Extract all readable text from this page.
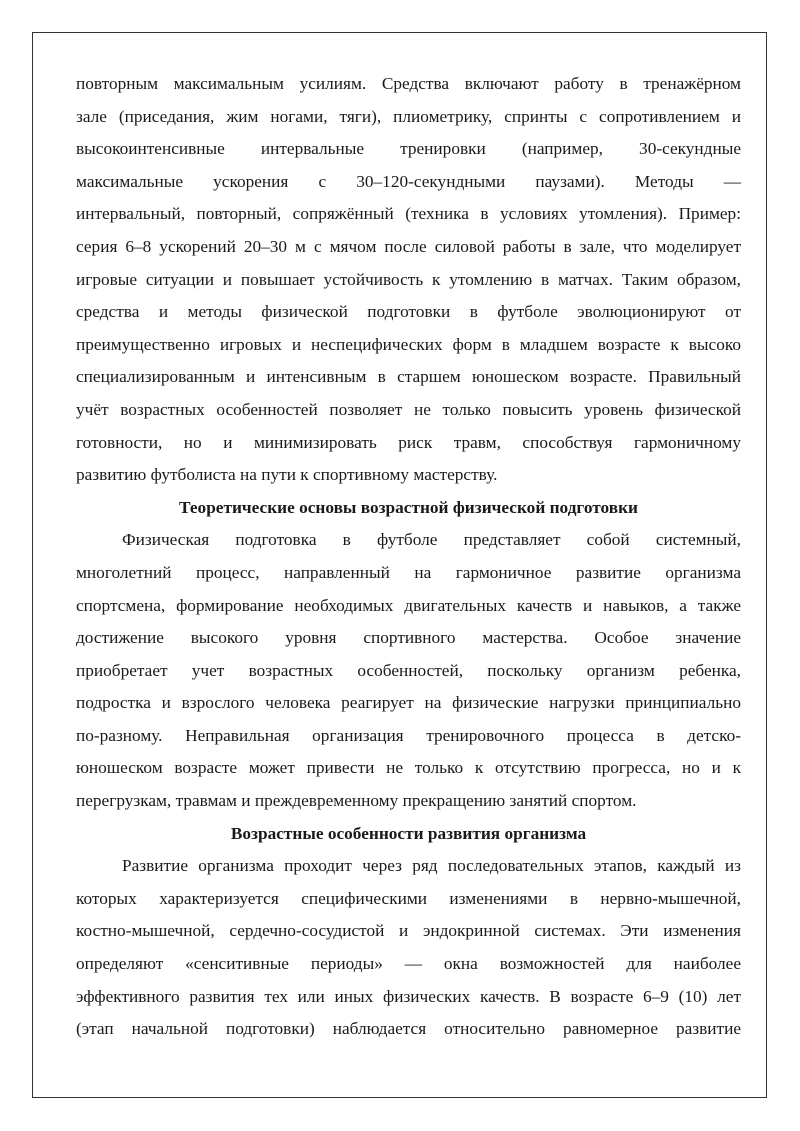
повторным максимальным усилиям. Средства включают работу в тренажёрном
зале (приседания, жим ногами, тяги), плиометрику, спринты с сопротивлением и
высокоинтенсивные интервальные тренировки (например, 30-секундные
максимальные ускорения с 30–120-секундными паузами). Методы —
интервальный, повторный, сопряжённый (техника в условиях утомления). Пример:
серия 6–8 ускорений 20–30 м с мячом после силовой работы в зале, что моделирует
игровые ситуации и повышает устойчивость к утомлению в матчах. Таким образом,
средства и методы физической подготовки в футболе эволюционируют от
преимущественно игровых и неспецифических форм в младшем возрасте к высоко
специализированным и интенсивным в старшем юношеском возрасте. Правильный
учёт возрастных особенностей позволяет не только повысить уровень физической
готовности, но и минимизировать риск травм, способствуя гармоничному
развитию футболиста на пути к спортивному мастерству.
Теоретические основы возрастной физической подготовки
Физическая подготовка в футболе представляет собой системный,
многолетний процесс, направленный на гармоничное развитие организма
спортсмена, формирование необходимых двигательных качеств и навыков, а также
достижение высокого уровня спортивного мастерства. Особое значение
приобретает учет возрастных особенностей, поскольку организм ребенка,
подростка и взрослого человека реагирует на физические нагрузки принципиально
по-разному. Неправильная организация тренировочного процесса в детско-
юношеском возрасте может привести не только к отсутствию прогресса, но и к
перегрузкам, травмам и преждевременному прекращению занятий спортом.
Возрастные особенности развития организма
Развитие организма проходит через ряд последовательных этапов, каждый из
которых характеризуется специфическими изменениями в нервно-мышечной,
костно-мышечной, сердечно-сосудистой и эндокринной системах. Эти изменения
определяют «сенситивные периоды» — окна возможностей для наиболее
эффективного развития тех или иных физических качеств. В возрасте 6–9 (10) лет
(этап начальной подготовки) наблюдается относительно равномерное развитие
